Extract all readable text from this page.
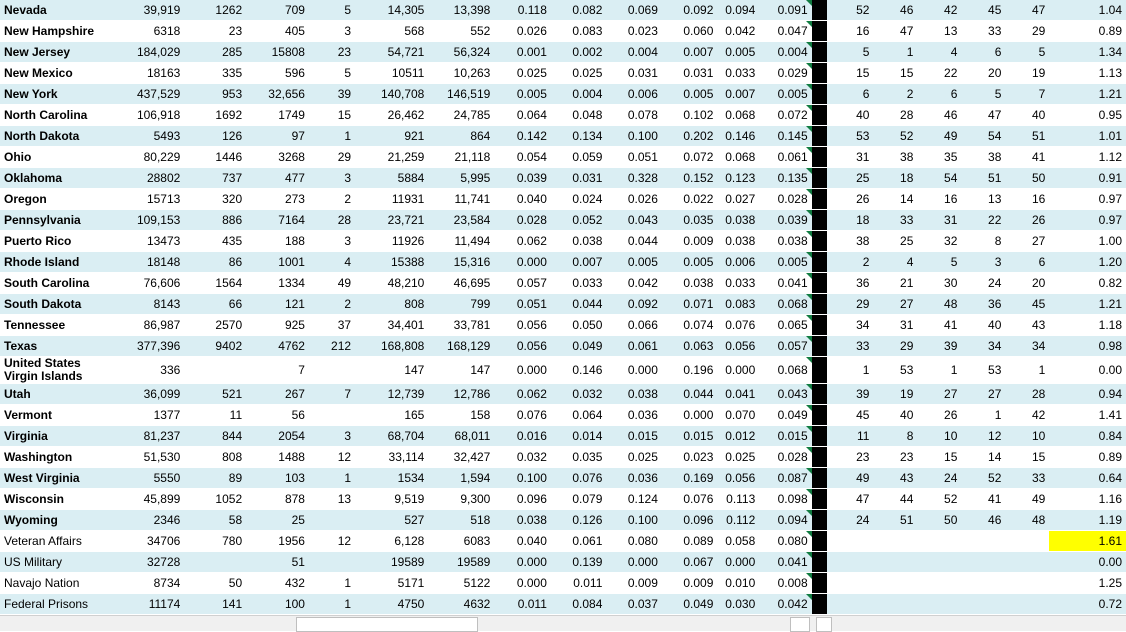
Nevada	39,919	1262	709	5	14,305	13,398	0.118	0.082	0.069	0.092	0.094	0.091		52	46	42	45	47	1.04
New Hampshire	6318	23	405	3	568	552	0.026	0.083	0.023	0.060	0.042	0.047		16	47	13	33	29	0.89
New Jersey	184,029	285	15808	23	54,721	56,324	0.001	0.002	0.004	0.007	0.005	0.004		5	1	4	6	5	1.34
New Mexico	18163	335	596	5	10511	10,263	0.025	0.025	0.031	0.031	0.033	0.029		15	15	22	20	19	1.13
New York	437,529	953	32,656	39	140,708	146,519	0.005	0.004	0.006	0.005	0.007	0.005		6	2	6	5	7	1.21
North Carolina	106,918	1692	1749	15	26,462	24,785	0.064	0.048	0.078	0.102	0.068	0.072		40	28	46	47	40	0.95
North Dakota	5493	126	97	1	921	864	0.142	0.134	0.100	0.202	0.146	0.145		53	52	49	54	51	1.01
Ohio	80,229	1446	3268	29	21,259	21,118	0.054	0.059	0.051	0.072	0.068	0.061		31	38	35	38	41	1.12
Oklahoma	28802	737	477	3	5884	5,995	0.039	0.031	0.328	0.152	0.123	0.135		25	18	54	51	50	0.91
Oregon	15713	320	273	2	11931	11,741	0.040	0.024	0.026	0.022	0.027	0.028		26	14	16	13	16	0.97
Pennsylvania	109,153	886	7164	28	23,721	23,584	0.028	0.052	0.043	0.035	0.038	0.039		18	33	31	22	26	0.97
Puerto Rico	13473	435	188	3	11926	11,494	0.062	0.038	0.044	0.009	0.038	0.038		38	25	32	8	27	1.00
Rhode Island	18148	86	1001	4	15388	15,316	0.000	0.007	0.005	0.005	0.006	0.005		2	4	5	3	6	1.20
South Carolina	76,606	1564	1334	49	48,210	46,695	0.057	0.033	0.042	0.038	0.033	0.041		36	21	30	24	20	0.82
South Dakota	8143	66	121	2	808	799	0.051	0.044	0.092	0.071	0.083	0.068		29	27	48	36	45	1.21
Tennessee	86,987	2570	925	37	34,401	33,781	0.056	0.050	0.066	0.074	0.076	0.065		34	31	41	40	43	1.18
Texas	377,396	9402	4762	212	168,808	168,129	0.056	0.049	0.061	0.063	0.056	0.057		33	29	39	34	34	0.98
United States Virgin Islands	336		7		147	147	0.000	0.146	0.000	0.196	0.000	0.068		1	53	1	53	1	0.00
Utah	36,099	521	267	7	12,739	12,786	0.062	0.032	0.038	0.044	0.041	0.043		39	19	27	27	28	0.94
Vermont	1377	11	56		165	158	0.076	0.064	0.036	0.000	0.070	0.049		45	40	26	1	42	1.41
Virginia	81,237	844	2054	3	68,704	68,011	0.016	0.014	0.015	0.015	0.012	0.015		11	8	10	12	10	0.84
Washington	51,530	808	1488	12	33,114	32,427	0.032	0.035	0.025	0.023	0.025	0.028		23	23	15	14	15	0.89
West Virginia	5550	89	103	1	1534	1,594	0.100	0.076	0.036	0.169	0.056	0.087		49	43	24	52	33	0.64
Wisconsin	45,899	1052	878	13	9,519	9,300	0.096	0.079	0.124	0.076	0.113	0.098		47	44	52	41	49	1.16
Wyoming	2346	58	25		527	518	0.038	0.126	0.100	0.096	0.112	0.094		24	51	50	46	48	1.19
Veteran Affairs	34706	780	1956	12	6,128	6083	0.040	0.061	0.080	0.089	0.058	0.080							1.61
US Military	32728		51		19589	19589	0.000	0.139	0.000	0.067	0.000	0.041							0.00
Navajo Nation	8734	50	432	1	5171	5122	0.000	0.011	0.009	0.009	0.010	0.008							1.25
Federal Prisons	11174	141	100	1	4750	4632	0.011	0.084	0.037	0.049	0.030	0.042							0.72
